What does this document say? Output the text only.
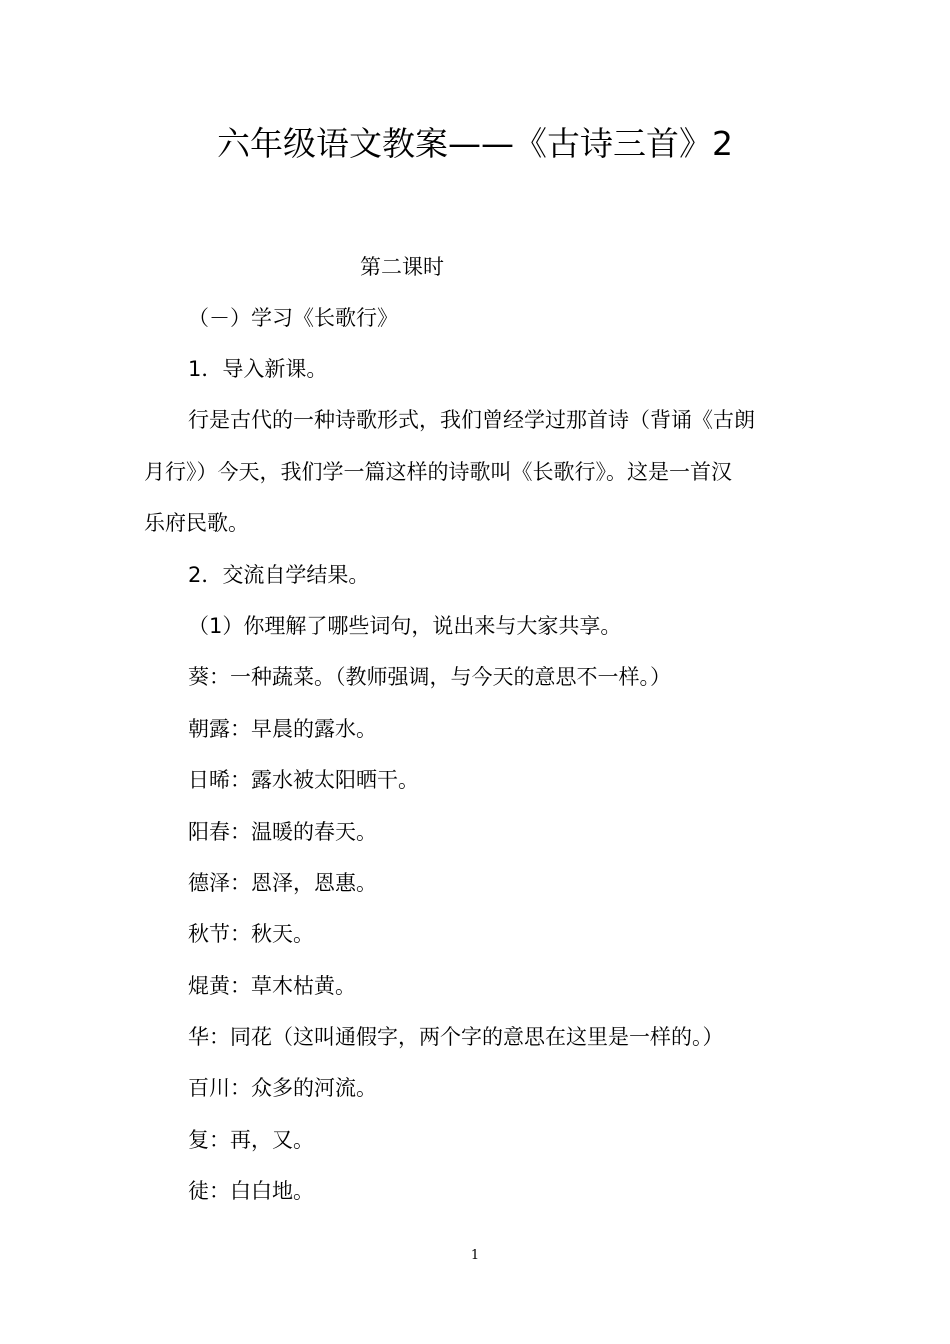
六年级语文教案——《古诗三首》2

第二课时

（－）学习《长歌行》

1．导入新课。

行是古代的一种诗歌形式，我们曾经学过那首诗（背诵《古朗

月行》）今天，我们学一篇这样的诗歌叫《长歌行》。这是一首汉

乐府民歌。

2．交流自学结果。

（1）你理解了哪些词句，说出来与大家共享。

葵：一种蔬菜。（教师强调，与今天的意思不一样。）

朝露：早晨的露水。

日晞：露水被太阳晒干。

阳春：温暖的春天。

德泽：恩泽，恩惠。

秋节：秋天。

焜黄：草木枯黄。

华：同花（这叫通假字，两个字的意思在这里是一样的。）

百川：众多的河流。

复：再，又。

徒：白白地。

1
